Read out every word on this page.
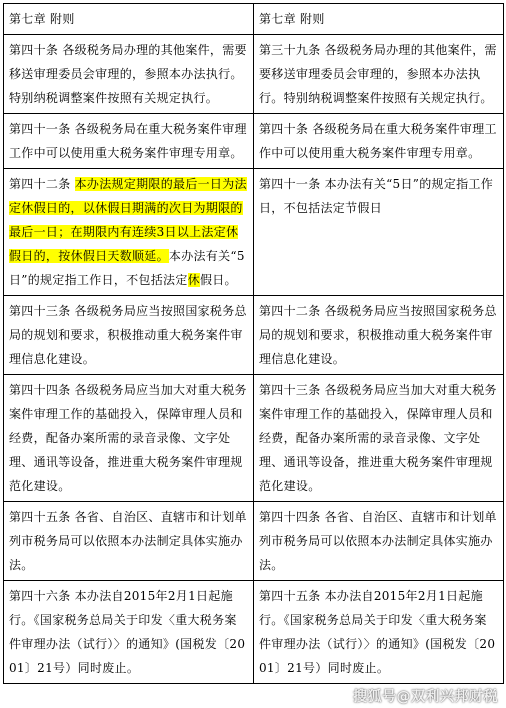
第七章 附则	第七章 附则
第四十条 各级税务局办理的其他案件，需要移送审理委员会审理的，参照本办法执行。特别纳税调整案件按照有关规定执行。	第三十九条 各级税务局办理的其他案件，需要移送审理委员会审理的，参照本办法执行。特别纳税调整案件按照有关规定执行。
第四十一条 各级税务局在重大税务案件审理工作中可以使用重大税务案件审理专用章。	第四十条 各级税务局在重大税务案件审理工作中可以使用重大税务案件审理专用章。
第四十二条 本办法规定期限的最后一日为法定休假日的，以休假日期满的次日为期限的最后一日；在期限内有连续3日以上法定休假日的，按休假日天数顺延。本办法有关“5日”的规定指工作日，不包括法定休假日。	第四十一条 本办法有关“5日”的规定指工作日，不包括法定节假日
第四十三条 各级税务局应当按照国家税务总局的规划和要求，积极推动重大税务案件审理信息化建设。	第四十二条 各级税务局应当按照国家税务总局的规划和要求，积极推动重大税务案件审理信息化建设。
第四十四条 各级税务局应当加大对重大税务案件审理工作的基础投入，保障审理人员和经费，配备办案所需的录音录像、文字处理、通讯等设备，推进重大税务案件审理规范化建设。	第四十三条 各级税务局应当加大对重大税务案件审理工作的基础投入，保障审理人员和经费，配备办案所需的录音录像、文字处理、通讯等设备，推进重大税务案件审理规范化建设。
第四十五条 各省、自治区、直辖市和计划单列市税务局可以依照本办法制定具体实施办法。	第四十四条 各省、自治区、直辖市和计划单列市税务局可以依照本办法制定具体实施办法。
第四十六条 本办法自2015年2月1日起施行。《国家税务总局关于印发〈重大税务案件审理办法（试行）〉的通知》(国税发〔2001〕21号）同时废止。	第四十五条 本办法自2015年2月1日起施行。《国家税务总局关于印发〈重大税务案件审理办法（试行）〉的通知》(国税发〔2001〕21号）同时废止。
搜狐号@双利兴邦财税
